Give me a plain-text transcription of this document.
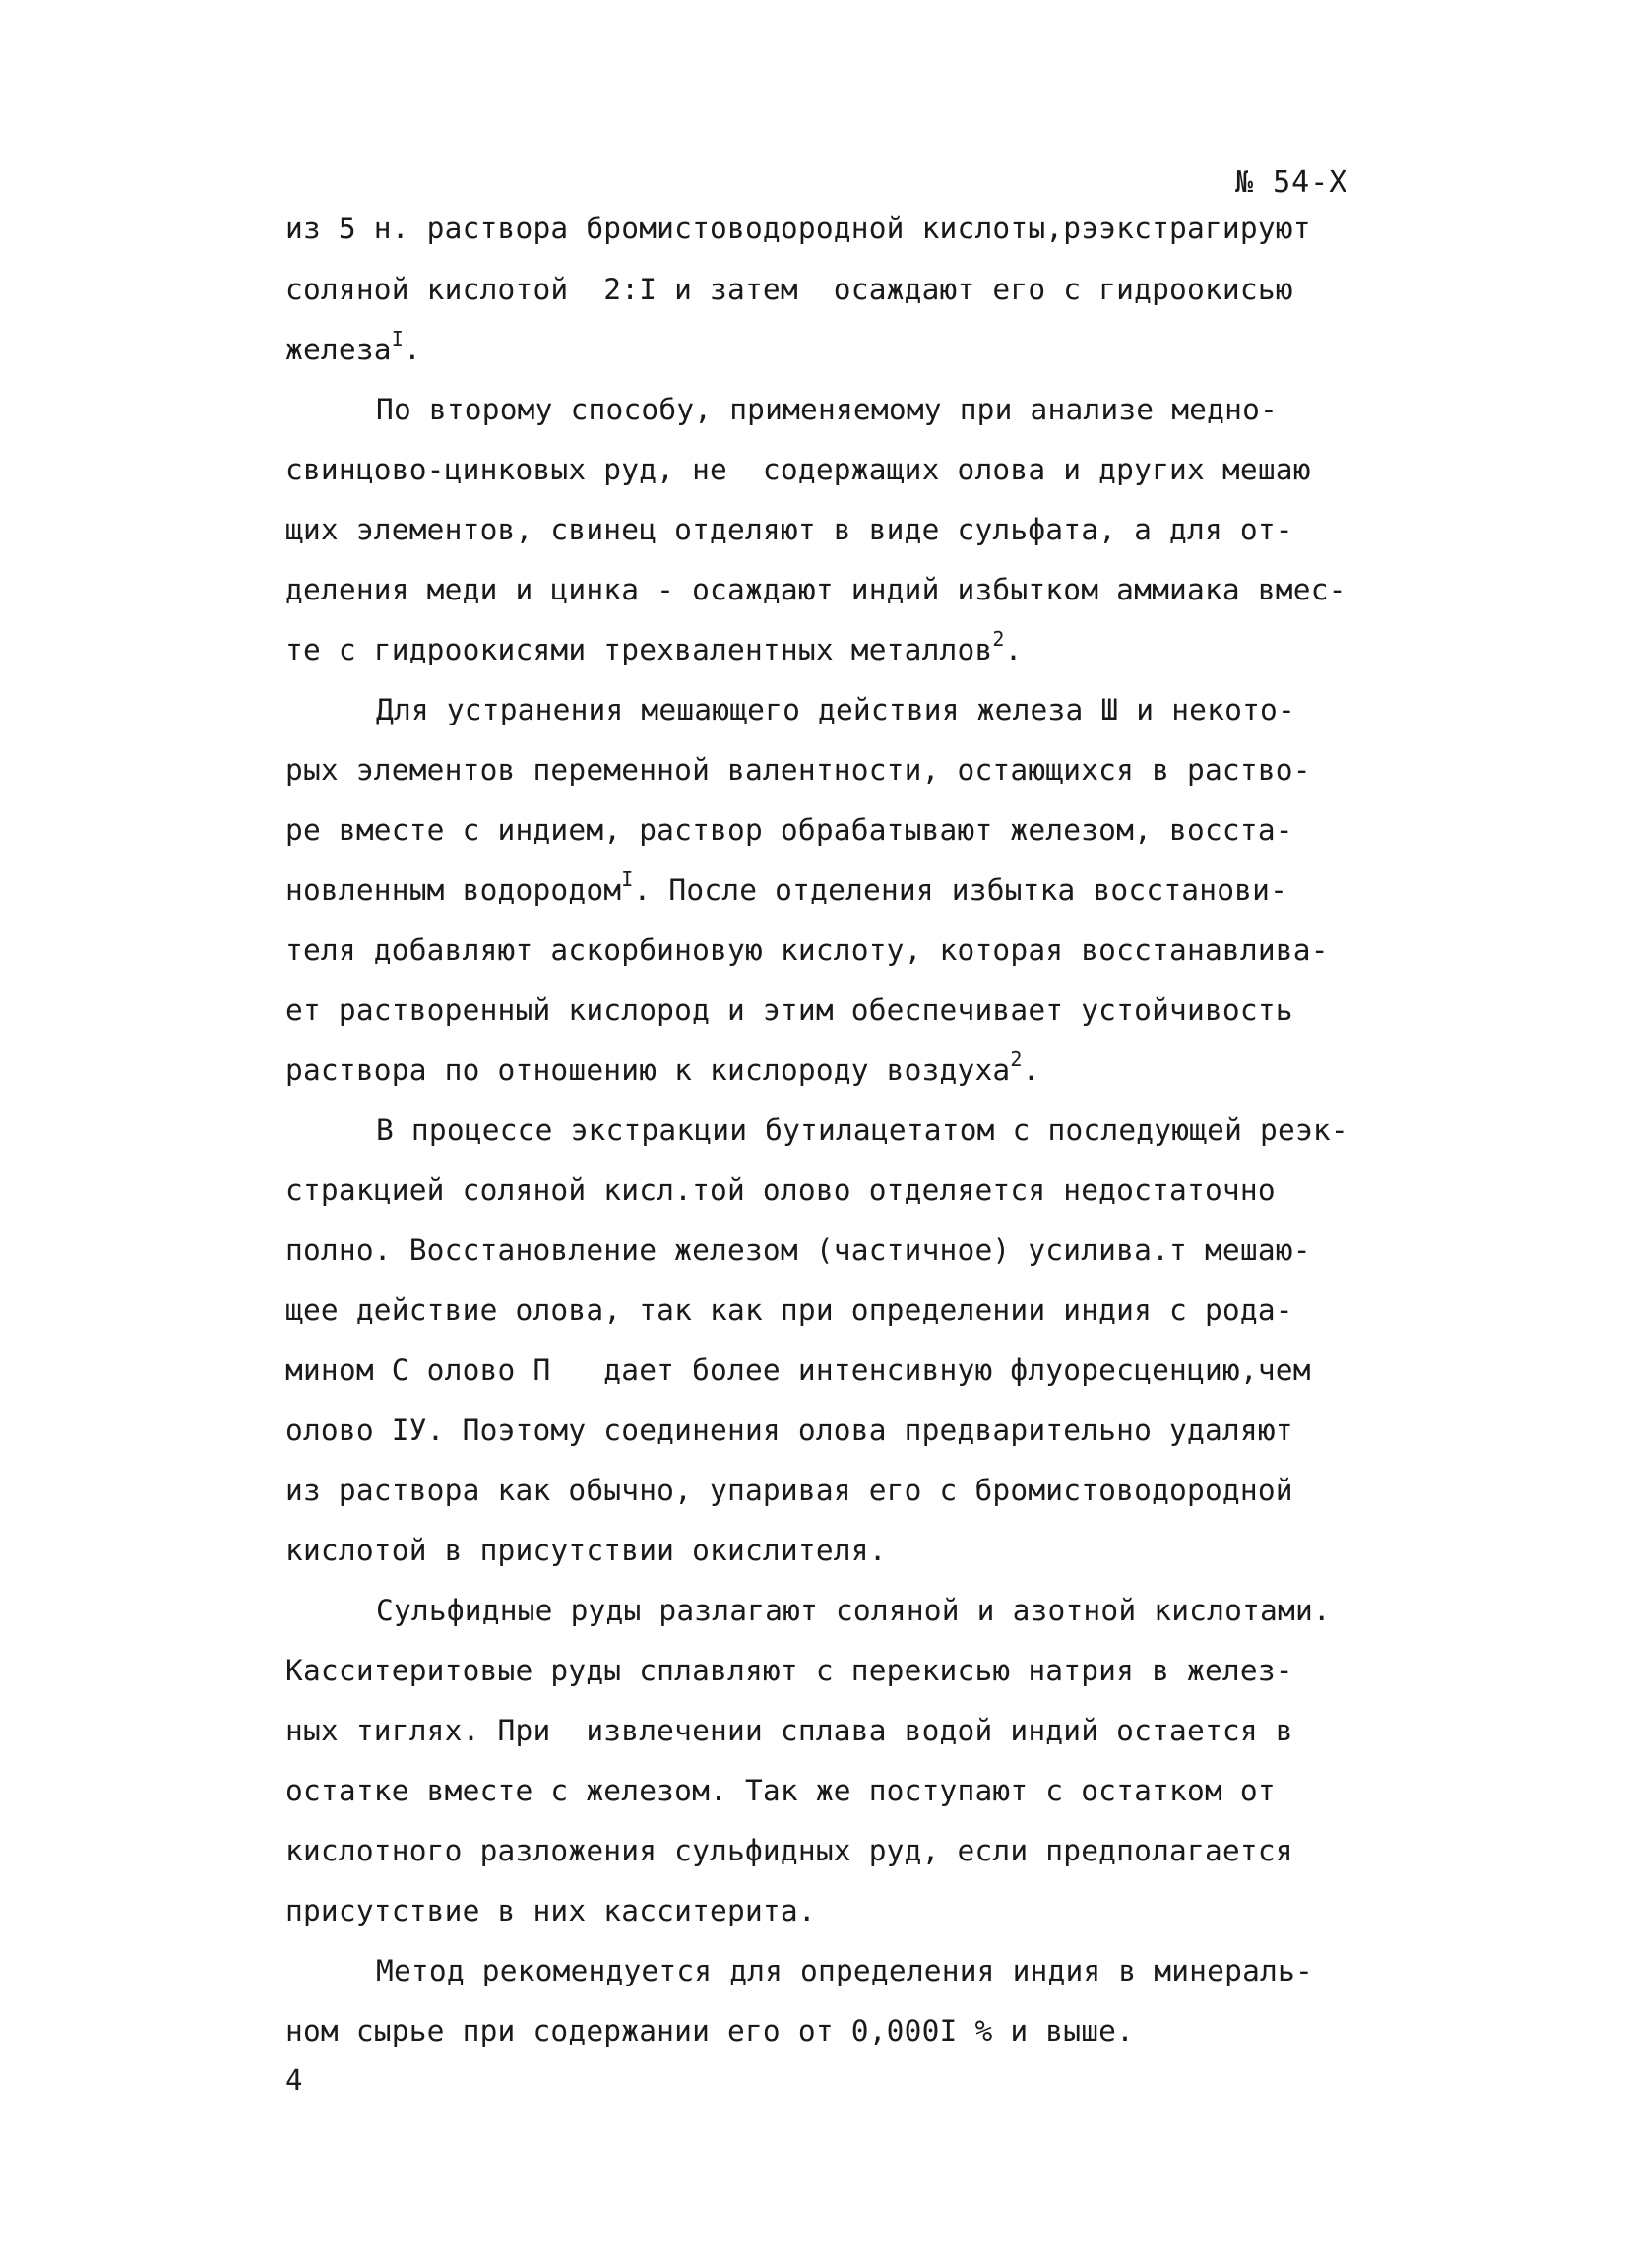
№ 54-Х
из 5 н. раствора бромистоводородной кислоты,рээкстрагируют
соляной кислотой  2:I и затем  осаждают его с гидроокисью
железа$^I$.
По второму способу, применяемому при анализе медно-
свинцово-цинковых руд, не  содержащих олова и других мешаю
щих элементов, свинец отделяют в виде сульфата, а для от-
деления меди и цинка - осаждают индий избытком аммиака вмес-
те с гидроокисями трехвалентных металлов$^2$.
Для устранения мешающего действия железа Ш и некото-
рых элементов переменной валентности, остающихся в раство-
ре вместе с индием, раствор обрабатывают железом, восста-
новленным водородом$^I$. После отделения избытка восстанови-
теля добавляют аскорбиновую кислоту, которая восстанавлива-
ет растворенный кислород и этим обеспечивает устойчивость
раствора по отношению к кислороду воздуха$^2$.
В процессе экстракции бутилацетатом с последующей реэк-
стракцией соляной кисл.той олово отделяется недостаточно
полно. Восстановление железом (частичное) усилива.т мешаю-
щее действие олова, так как при определении индия с рода-
мином С олово П   дает более интенсивную флуоресценцию,чем
олово IУ. Поэтому соединения олова предварительно удаляют
из раствора как обычно, упаривая его с бромистоводородной
кислотой в присутствии окислителя.
Сульфидные руды разлагают соляной и азотной кислотами.
Касситеритовые руды сплавляют с перекисью натрия в желез-
ных тиглях. При  извлечении сплава водой индий остается в
остатке вместе с железом. Так же поступают с остатком от
кислотного разложения сульфидных руд, если предполагается
присутствие в них касситерита.
Метод рекомендуется для определения индия в минераль-
ном сырье при содержании его от 0,000I % и выше.
4
